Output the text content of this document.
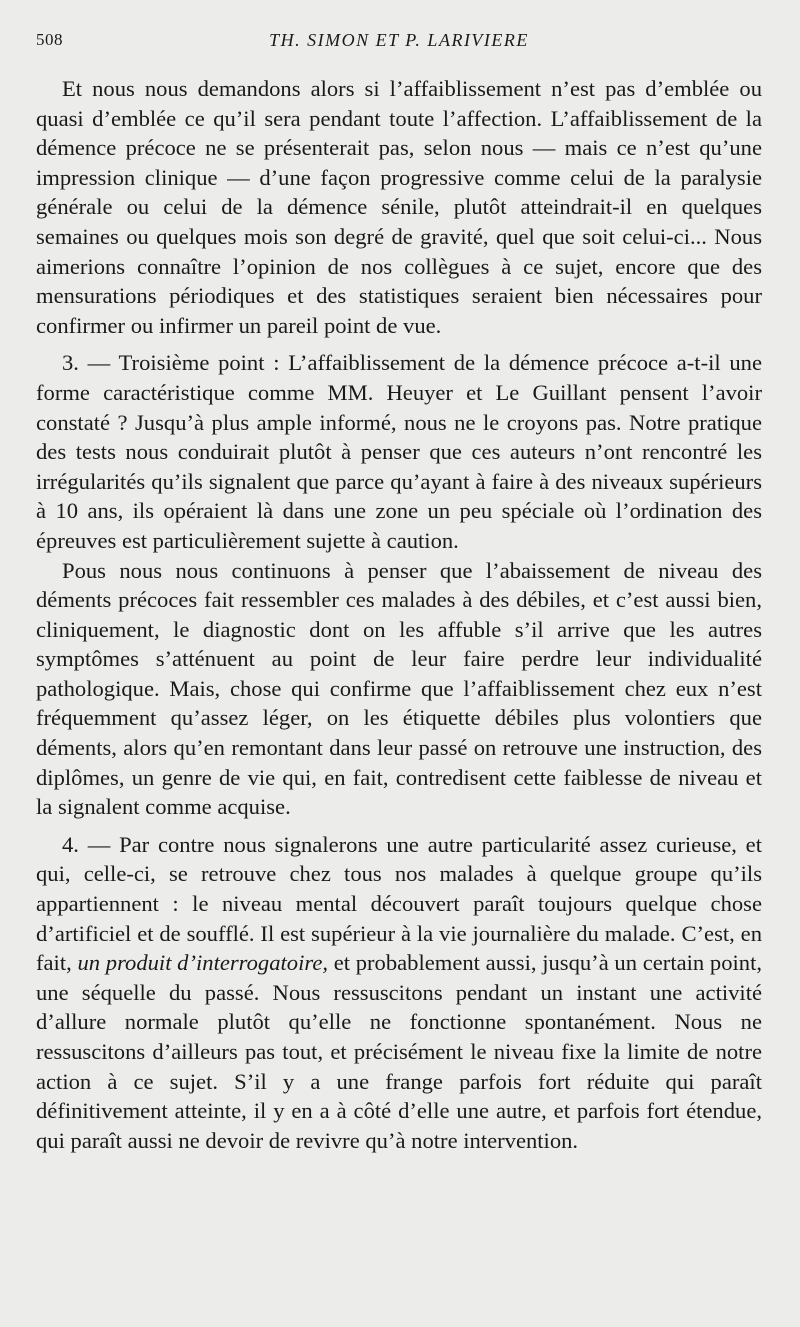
508	TH. SIMON ET P. LARIVIERE

Et nous nous demandons alors si l’affaiblissement n’est pas d’emblée ou quasi d’emblée ce qu’il sera pendant toute l’affection. L’affaiblissement de la démence précoce ne se présenterait pas, selon nous — mais ce n’est qu’une impression clinique — d’une façon progressive comme celui de la paralysie générale ou celui de la démence sénile, plutôt atteindrait-il en quelques semaines ou quelques mois son degré de gravité, quel que soit celui-ci... Nous aimerions connaître l’opinion de nos collègues à ce sujet, encore que des mensurations périodiques et des statistiques seraient bien nécessaires pour confirmer ou infirmer un pareil point de vue.

3. — Troisième point : L’affaiblissement de la démence précoce a-t-il une forme caractéristique comme MM. Heuyer et Le Guillant pensent l’avoir constaté ? Jusqu’à plus ample informé, nous ne le croyons pas. Notre pratique des tests nous conduirait plutôt à penser que ces auteurs n’ont rencontré les irrégularités qu’ils signalent que parce qu’ayant à faire à des niveaux supérieurs à 10 ans, ils opéraient là dans une zone un peu spéciale où l’ordination des épreuves est particulièrement sujette à caution.

Pous nous nous continuons à penser que l’abaissement de niveau des déments précoces fait ressembler ces malades à des débiles, et c’est aussi bien, cliniquement, le diagnostic dont on les affuble s’il arrive que les autres symptômes s’atténuent au point de leur faire perdre leur individualité pathologique. Mais, chose qui confirme que l’affaiblissement chez eux n’est fréquemment qu’assez léger, on les étiquette débiles plus volontiers que déments, alors qu’en remontant dans leur passé on retrouve une instruction, des diplômes, un genre de vie qui, en fait, contredisent cette faiblesse de niveau et la signalent comme acquise.

4. — Par contre nous signalerons une autre particularité assez curieuse, et qui, celle-ci, se retrouve chez tous nos malades à quelque groupe qu’ils appartiennent : le niveau mental découvert paraît toujours quelque chose d’artificiel et de soufflé. Il est supérieur à la vie journalière du malade. C’est, en fait, un produit d’interrogatoire, et probablement aussi, jusqu’à un certain point, une séquelle du passé. Nous ressuscitons pendant un instant une activité d’allure normale plutôt qu’elle ne fonctionne spontanément. Nous ne ressuscitons d’ailleurs pas tout, et précisément le niveau fixe la limite de notre action à ce sujet. S’il y a une frange parfois fort réduite qui paraît définitivement atteinte, il y en a à côté d’elle une autre, et parfois fort étendue, qui paraît aussi ne devoir de revivre qu’à notre intervention.
